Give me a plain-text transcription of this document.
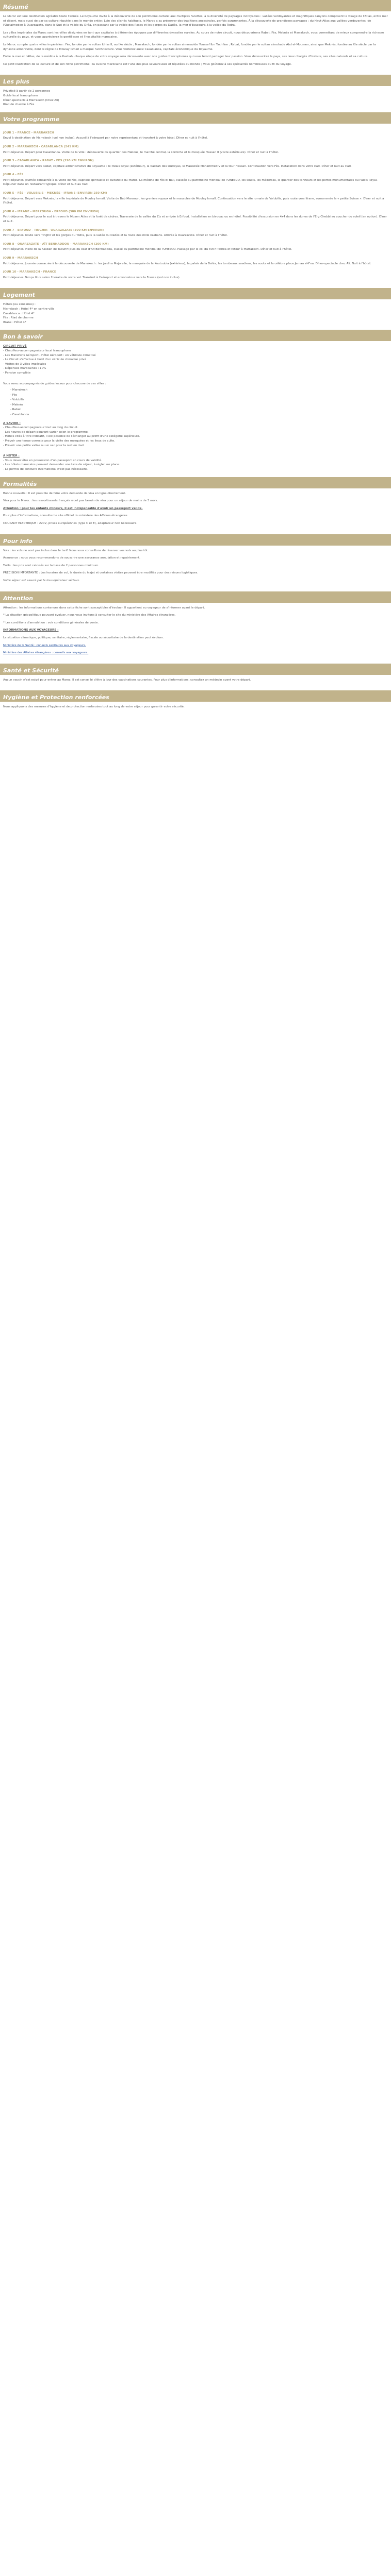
Résumé

Le Maroc est une destination agréable toute l'année. Le Royaume invite à la découverte de son patrimoine culturel aux multiples facettes, à la diversité de paysages incroyables : vallées verdoyantes et magnifiques canyons composent le visage de l'Atlas, entre mer et désert, mais aussi de par sa culture réputée dans le monde entier. Loin des clichés habituels, le Maroc a su préserver des traditions ancestrales, parfois surprenantes. À la découverte de grandioses paysages : du Haut-Atlas aux vallées verdoyantes, de l'Oukaïmeden à Ouarzazate, dans le Sud et la vallée du Drâa, en passant par la vallée des Roses et les gorges du Dadès, la mer d'Essaouira à la vallée du Todra.

Les villes impériales du Maroc sont les villes désignées en tant que capitales à différentes époques par différentes dynasties royales. Au cours de notre circuit, nous découvrirons Rabat, Fès, Meknès et Marrakech, vous permettant de mieux comprendre la richesse culturelle du pays, et vous apprécierez la gentillesse et l'hospitalité marocaine.

Le Maroc compte quatre villes impériales : Fès, fondée par le sultan Idriss II, au IXe siècle ; Marrakech, fondée par le sultan almoravide Youssef Ibn Tachfine ; Rabat, fondée par le sultan almohade Abd el-Moumen, ainsi que Meknès, fondée au XIe siècle par la dynastie almoravide, dont le règne de Moulay Ismaïl a marqué l'architecture. Vous visiterez aussi Casablanca, capitale économique du Royaume.

Entre la mer et l'Atlas, de la médina à la Kasbah, chaque étape de votre voyage sera découverte avec nos guides francophones qui vous feront partager leur passion. Vous découvrirez le pays, ses lieux chargés d'histoire, ses sites naturels et sa culture.

Ce petit illustration de sa culture et de son riche patrimoine : la cuisine marocaine est l'une des plus savoureuses et réputées au monde ; Vous goûterez à ses spécialités nombreuses au fil du voyage.

Les plus
Privatisé à partir de 2 personnes
Guide local francophone
Dîner-spectacle à Marrakech (Chez Ali)
Riad de charme à Fès
Votre programme
JOUR 1 - FRANCE - MARRAKECH

Envol à destination de Marrakech (vol non inclus). Accueil à l'aéroport par notre représentant et transfert à votre hôtel. Dîner et nuit à l'hôtel.

JOUR 2 - MARRAKECH - CASABLANCA (241 KM)

Petit déjeuner. Départ pour Casablanca. Visite de la ville : découverte du quartier des Habous, le marché central, la corniche et la mosquée Hassan II (visite extérieure). Dîner et nuit à l'hôtel.

JOUR 3 - CASABLANCA - RABAT - FÈS (290 KM ENVIRON)

Petit déjeuner. Départ vers Rabat, capitale administrative du Royaume : le Palais Royal (extérieur), la Kasbah des Oudayas, le Mausolée Mohammed V et la tour Hassan. Continuation vers Fès. Installation dans votre riad. Dîner et nuit au riad.

JOUR 4 - FÈS

Petit déjeuner. Journée consacrée à la visite de Fès, capitale spirituelle et culturelle du Maroc. La médina de Fès El Bali, classée au patrimoine mondial de l'UNESCO, les souks, les médersas, le quartier des tanneurs et les portes monumentales du Palais Royal. Déjeuner dans un restaurant typique. Dîner et nuit au riad.

JOUR 5 - FÈS - VOLUBILIS - MEKNÈS - IFRANE (ENVIRON 250 KM)

Petit déjeuner. Départ vers Meknès, la ville impériale de Moulay Ismaïl. Visite de Bab Mansour, les greniers royaux et le mausolée de Moulay Ismaïl. Continuation vers le site romain de Volubilis, puis route vers Ifrane, surnommée la « petite Suisse ». Dîner et nuit à l'hôtel.

JOUR 6 - IFRANE - MERZOUGA - ERFOUD (380 KM ENVIRON)

Petit déjeuner. Départ pour le sud à travers le Moyen Atlas et la forêt de cèdres. Traversée de la vallée du Ziz et arrivée à Erfoud. Installation en bivouac ou en hôtel. Possibilité d'excursion en 4x4 dans les dunes de l'Erg Chebbi au coucher du soleil (en option). Dîner et nuit.

JOUR 7 - ERFOUD - TINGHIR - OUARZAZATE (300 KM ENVIRON)

Petit déjeuner. Route vers Tinghir et les gorges du Todra, puis la vallée du Dadès et la route des mille kasbahs. Arrivée à Ouarzazate. Dîner et nuit à l'hôtel.

JOUR 8 - OUARZAZATE - AÏT BENHADDOU - MARRAKECH (200 KM)

Petit déjeuner. Visite de la Kasbah de Taourirt puis du ksar d'Aït Benhaddou, classé au patrimoine mondial de l'UNESCO. Passage par le col du Tizi n'Tichka et retour à Marrakech. Dîner et nuit à l'hôtel.

JOUR 9 - MARRAKECH

Petit déjeuner. Journée consacrée à la découverte de Marrakech : les jardins Majorelle, la mosquée de la Koutoubia (extérieur), le palais de la Bahia, les tombeaux saadiens, les souks et la célèbre place Jemaa el-Fna. Dîner-spectacle chez Ali. Nuit à l'hôtel.

JOUR 10 - MARRAKECH - FRANCE

Petit déjeuner. Temps libre selon l'horaire de votre vol. Transfert à l'aéroport et envol retour vers la France (vol non inclus).

Logement
Hôtels (ou similaires) :
Marrakech : Hôtel 4* en centre-ville
Casablanca : Hôtel 4*
Fès : Riad de charme
Ifrane : Hôtel 4*
Bon à savoir
CIRCUIT PRIVÉ
- Chauffeur-accompagnateur local francophone
- Les Transferts Aéroport - Hôtel Aéroport : en véhicule climatisé
- Le Circuit s'effectue à bord d'un véhicule climatisé privé
- Visites de 3 villes impériales
- Dépenses marocaines : 10%
- Pension complète
Vous serez accompagnés de guides locaux pour chacune de ces villes :
- Marrakech
- Fès
- Volubilis
- Meknès
- Rabat
- Casablanca
A SAVOIR :
- Chauffeur-accompagnateur tout au long du circuit.
- Les heures de départ pouvant varier selon le programme.
- Hôtels cités à titre indicatif, il est possible de l'échanger au profit d'une catégorie supérieure.
- Prévoir une tenue correcte pour la visite des mosquées et les lieux de culte.
- Prévoir une petite valise ou un sac pour la nuit en riad.
A NOTER :
- Vous devez être en possession d'un passeport en cours de validité.
- Les hôtels marocains peuvent demander une taxe de séjour, à régler sur place.
- Le permis de conduire international n'est pas nécessaire.
Formalités

Bonne nouvelle : Il est possible de faire votre demande de visa en ligne directement.

Visa pour le Maroc : les ressortissants français n'ont pas besoin de visa pour un séjour de moins de 3 mois.

Attention : pour les enfants mineurs, il est indispensable d'avoir un passeport valide.

Pour plus d'informations, consultez le site officiel du ministère des Affaires étrangères.

COURANT ELECTRIQUE : 220V, prises européennes (type C et E), adaptateur non nécessaire.

Pour info

Vols : les vols ne sont pas inclus dans le tarif. Nous vous conseillons de réserver vos vols au plus tôt.

Assurance : nous vous recommandons de souscrire une assurance annulation et rapatriement.

Tarifs : les prix sont calculés sur la base de 2 personnes minimum.

PRÉCISION IMPORTANTE : Les horaires de vol, la durée du trajet et certaines visites peuvent être modifiés pour des raisons logistiques.

Votre séjour est assuré par le tour-opérateur sérieux.

Attention

Attention : les informations contenues dans cette fiche sont susceptibles d'évoluer. Il appartient au voyageur de s'informer avant le départ.

* La situation géopolitique pouvant évoluer, nous vous invitons à consulter le site du ministère des Affaires étrangères.

* Les conditions d'annulation : voir conditions générales de vente.

INFORMATIONS AUX VOYAGEURS :

La situation climatique, politique, sanitaire, réglementaire, fiscale ou sécuritaire de la destination peut évoluer.

Ministère de la Santé : conseils sanitaires aux voyageurs.

Ministère des Affaires étrangères : conseils aux voyageurs.

Santé et Sécurité

Aucun vaccin n'est exigé pour entrer au Maroc. Il est conseillé d'être à jour des vaccinations courantes. Pour plus d'informations, consultez un médecin avant votre départ.

Hygiène et Protection renforcées

Nous appliquons des mesures d'hygiène et de protection renforcées tout au long de votre séjour pour garantir votre sécurité.
